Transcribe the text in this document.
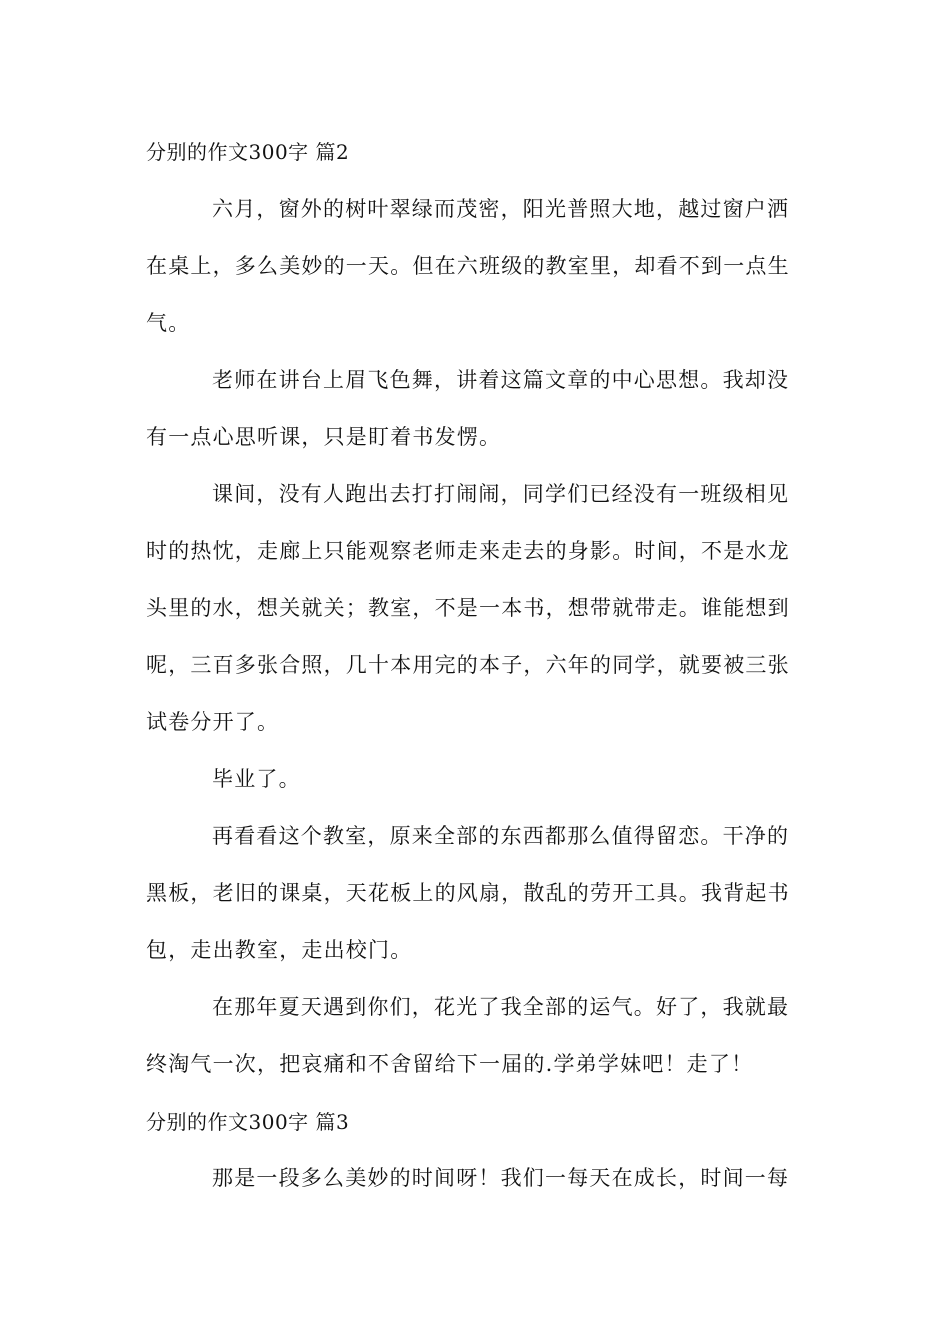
分别的作文300字 篇2
六月，窗外的树叶翠绿而茂密，阳光普照大地，越过窗户洒
在桌上，多么美妙的一天。但在六班级的教室里，却看不到一点生
气。
老师在讲台上眉飞色舞，讲着这篇文章的中心思想。我却没
有一点心思听课，只是盯着书发愣。
课间，没有人跑出去打打闹闹，同学们已经没有一班级相见
时的热忱，走廊上只能观察老师走来走去的身影。时间，不是水龙
头里的水，想关就关；教室，不是一本书，想带就带走。谁能想到
呢，三百多张合照，几十本用完的本子，六年的同学，就要被三张
试卷分开了。
毕业了。
再看看这个教室，原来全部的东西都那么值得留恋。干净的
黑板，老旧的课桌，天花板上的风扇，散乱的劳开工具。我背起书
包，走出教室，走出校门。
在那年夏天遇到你们，花光了我全部的运气。好了，我就最
终淘气一次，把哀痛和不舍留给下一届的.学弟学妹吧！走了！
分别的作文300字 篇3
那是一段多么美妙的时间呀！我们一每天在成长，时间一每
